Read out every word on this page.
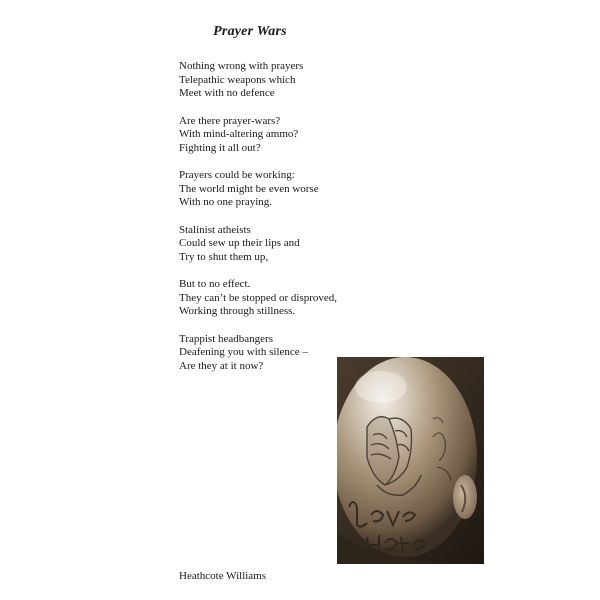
Prayer Wars
Nothing wrong with prayers
Telepathic weapons which
Meet with no defence
Are there prayer-wars?
With mind-altering ammo?
Fighting it all out?
Prayers could be working:
The world might be even worse
With no one praying.
Stalinist atheists
Could sew up their lips and
Try to shut them up,
But to no effect.
They can’t be stopped or disproved,
Working through stillness.
Trappist headbangers
Deafening you with silence –
Are they at it now?
Heathcote Williams
